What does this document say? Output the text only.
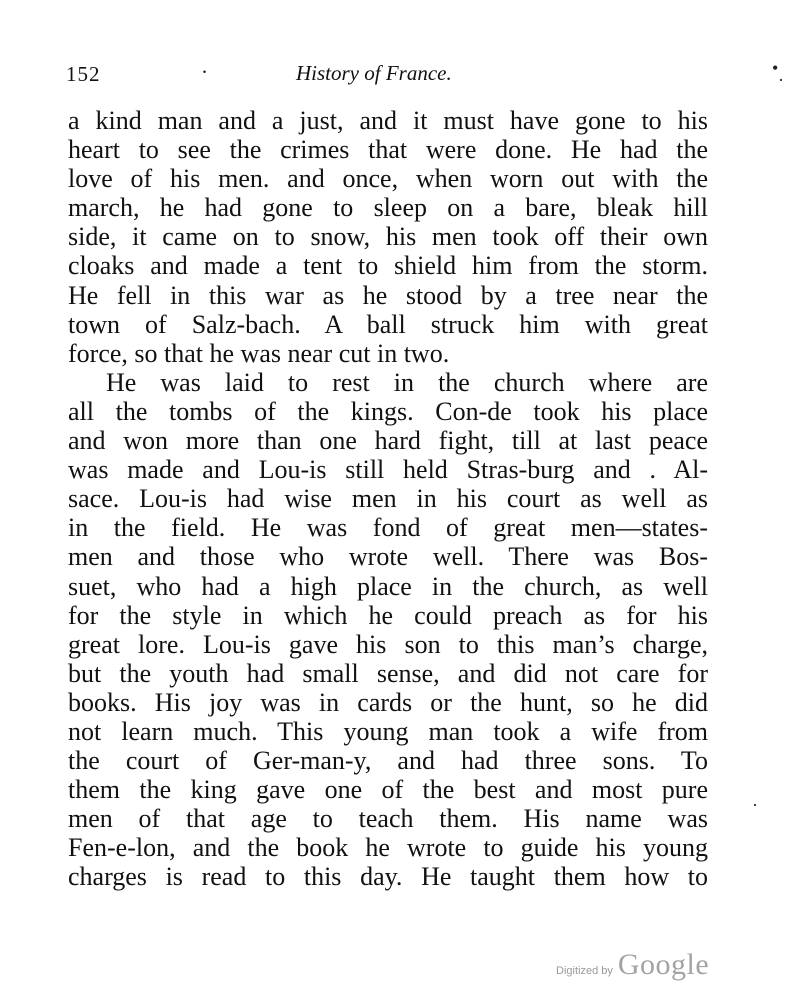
152	·	History of France.	•
·
·
a kind man and a just, and it must have gone to his
heart to see the crimes that were done. He had the
love of his men. and once, when worn out with the
march, he had gone to sleep on a bare, bleak hill
side, it came on to snow, his men took off their own
cloaks and made a tent to shield him from the storm.
He fell in this war as he stood by a tree near the
town of Salz-bach. A ball struck him with great
force, so that he was near cut in two.
He was laid to rest in the church where are
all the tombs of the kings. Con-de took his place
and won more than one hard fight, till at last peace
was made and Lou-is still held Stras-burg and . Al-
sace. Lou-is had wise men in his court as well as
in the field. He was fond of great men—states-
men and those who wrote well. There was Bos-
suet, who had a high place in the church, as well
for the style in which he could preach as for his
great lore. Lou-is gave his son to this man’s charge,
but the youth had small sense, and did not care for
books. His joy was in cards or the hunt, so he did
not learn much. This young man took a wife from
the court of Ger-man-y, and had three sons. To
them the king gave one of the best and most pure
men of that age to teach them. His name was
Fen-e-lon, and the book he wrote to guide his young
charges is read to this day. He taught them how to
Digitized by Google
